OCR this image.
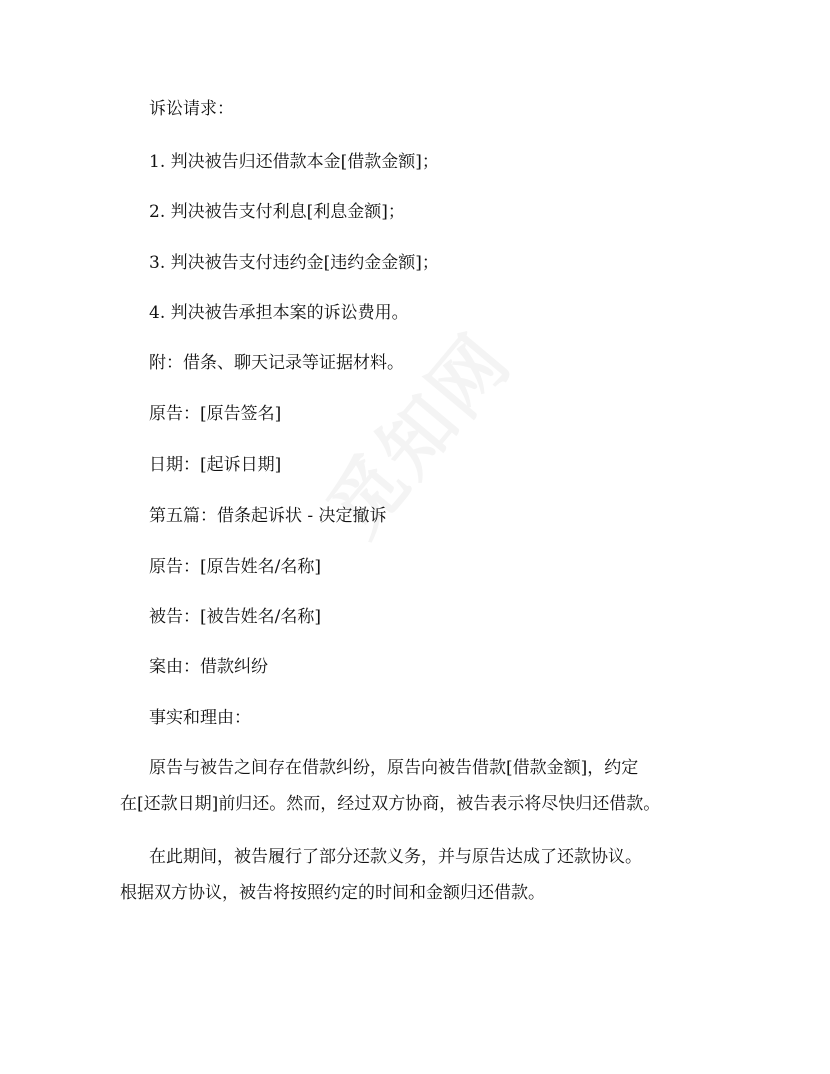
诉讼请求：
1. 判决被告归还借款本金[借款金额]；
2. 判决被告支付利息[利息金额]；
3. 判决被告支付违约金[违约金金额]；
4. 判决被告承担本案的诉讼费用。
附：借条、聊天记录等证据材料。
原告：[原告签名]
日期：[起诉日期]
第五篇：借条起诉状 - 决定撤诉
原告：[原告姓名/名称]
被告：[被告姓名/名称]
案由：借款纠纷
事实和理由：
原告与被告之间存在借款纠纷，原告向被告借款[借款金额]，约定
在[还款日期]前归还。然而，经过双方协商，被告表示将尽快归还借款。
在此期间，被告履行了部分还款义务，并与原告达成了还款协议。
根据双方协议，被告将按照约定的时间和金额归还借款。
